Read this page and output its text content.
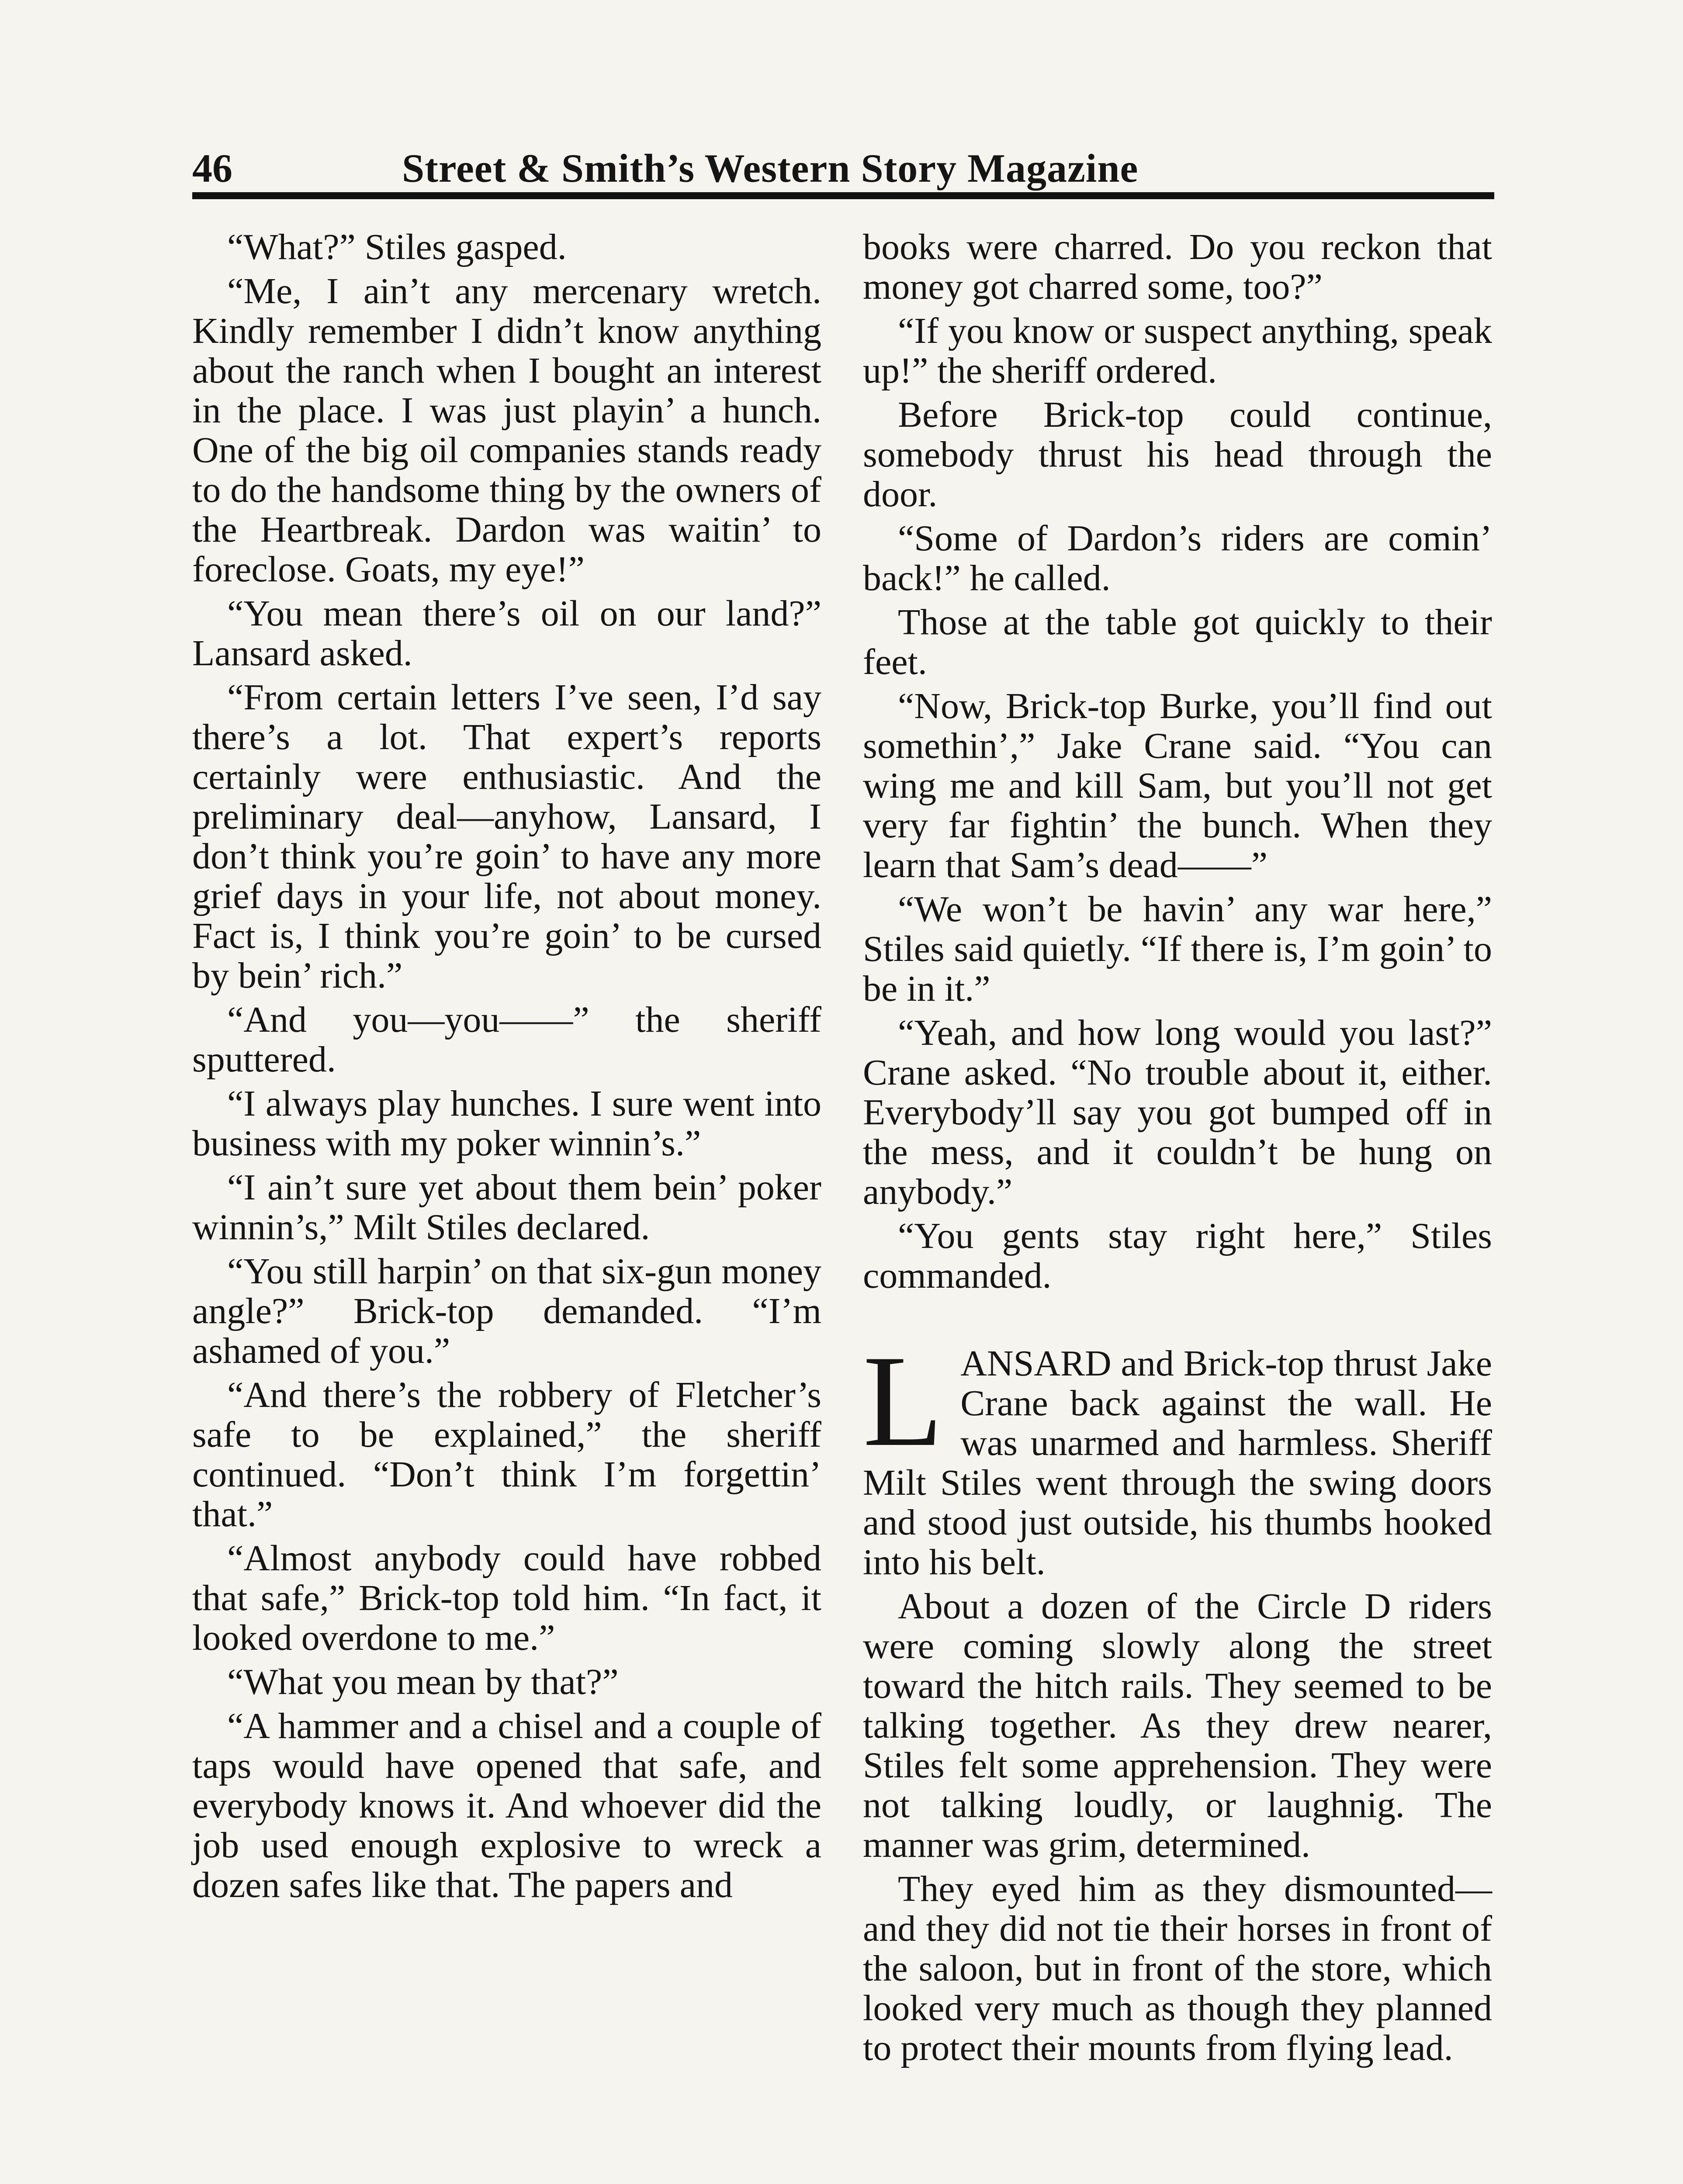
46	Street & Smith’s Western Story Magazine

“What?” Stiles gasped.

“Me, I ain’t any mercenary wretch. Kindly remember I didn’t know anything about the ranch when I bought an interest in the place. I was just playin’ a hunch. One of the big oil companies stands ready to do the handsome thing by the owners of the Heartbreak. Dardon was waitin’ to foreclose. Goats, my eye!”

“You mean there’s oil on our land?” Lansard asked.

“From certain letters I’ve seen, I’d say there’s a lot. That expert’s reports certainly were enthusiastic. And the preliminary deal—anyhow, Lansard, I don’t think you’re goin’ to have any more grief days in your life, not about money. Fact is, I think you’re goin’ to be cursed by bein’ rich.”

“And you—you——” the sheriff sputtered.

“I always play hunches. I sure went into business with my poker winnin’s.”

“I ain’t sure yet about them bein’ poker winnin’s,” Milt Stiles declared.

“You still harpin’ on that six-gun money angle?” Brick-top demanded. “I’m ashamed of you.”

“And there’s the robbery of Fletcher’s safe to be explained,” the sheriff continued. “Don’t think I’m forgettin’ that.”

“Almost anybody could have robbed that safe,” Brick-top told him. “In fact, it looked overdone to me.”

“What you mean by that?”

“A hammer and a chisel and a couple of taps would have opened that safe, and everybody knows it. And whoever did the job used enough explosive to wreck a dozen safes like that. The papers and

books were charred. Do you reckon that money got charred some, too?”

“If you know or suspect anything, speak up!” the sheriff ordered.

Before Brick-top could continue, somebody thrust his head through the door.

“Some of Dardon’s riders are comin’ back!” he called.

Those at the table got quickly to their feet.

“Now, Brick-top Burke, you’ll find out somethin’,” Jake Crane said. “You can wing me and kill Sam, but you’ll not get very far fightin’ the bunch. When they learn that Sam’s dead——”

“We won’t be havin’ any war here,” Stiles said quietly. “If there is, I’m goin’ to be in it.”

“Yeah, and how long would you last?” Crane asked. “No trouble about it, either. Everybody’ll say you got bumped off in the mess, and it couldn’t be hung on anybody.”

“You gents stay right here,” Stiles commanded.

LANSARD and Brick-top thrust Jake Crane back against the wall. He was unarmed and harmless. Sheriff Milt Stiles went through the swing doors and stood just outside, his thumbs hooked into his belt.

About a dozen of the Circle D riders were coming slowly along the street toward the hitch rails. They seemed to be talking together. As they drew nearer, Stiles felt some apprehension. They were not talking loudly, or laughnig. The manner was grim, determined.

They eyed him as they dismounted—and they did not tie their horses in front of the saloon, but in front of the store, which looked very much as though they planned to protect their mounts from flying lead.
